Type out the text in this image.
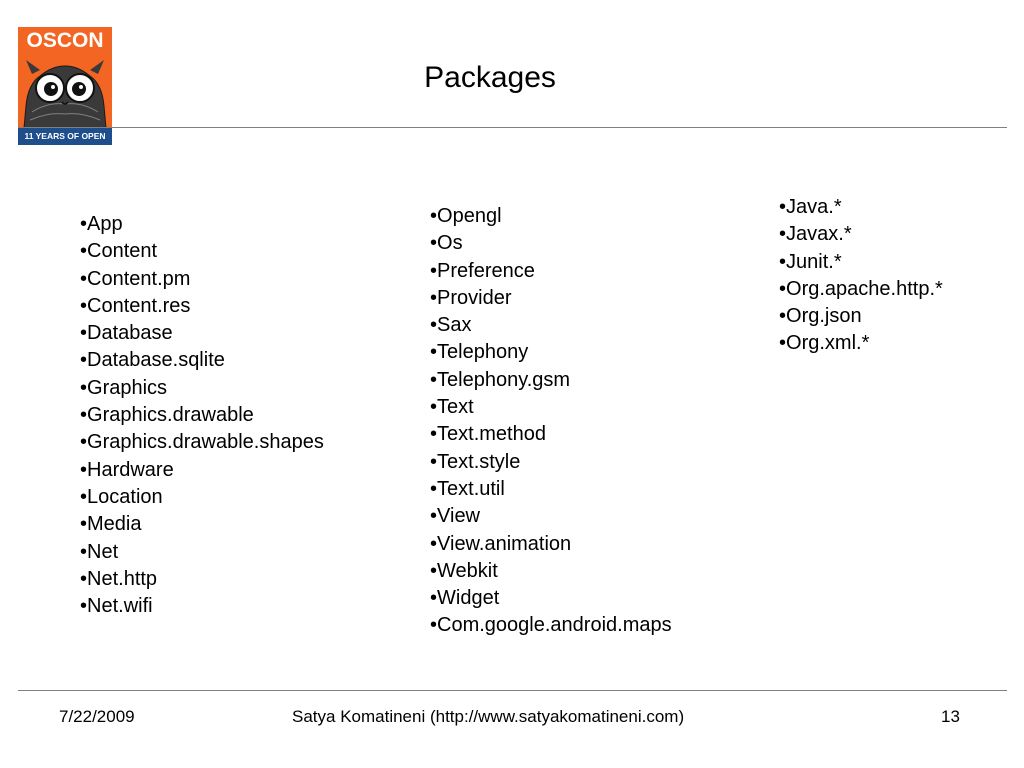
OSCON
11 YEARS OF OPEN
Packages
• App
• Content
• Content.pm
• Content.res
• Database
• Database.sqlite
• Graphics
• Graphics.drawable
• Graphics.drawable.shapes
• Hardware
• Location
• Media
• Net
• Net.http
• Net.wifi
• Opengl
• Os
• Preference
• Provider
• Sax
• Telephony
• Telephony.gsm
• Text
• Text.method
• Text.style
• Text.util
• View
• View.animation
• Webkit
• Widget
• Com.google.android.maps
• Java.*
• Javax.*
• Junit.*
• Org.apache.http.*
• Org.json
• Org.xml.*
7/22/2009	Satya Komatineni (http://www.satyakomatineni.com)	13
